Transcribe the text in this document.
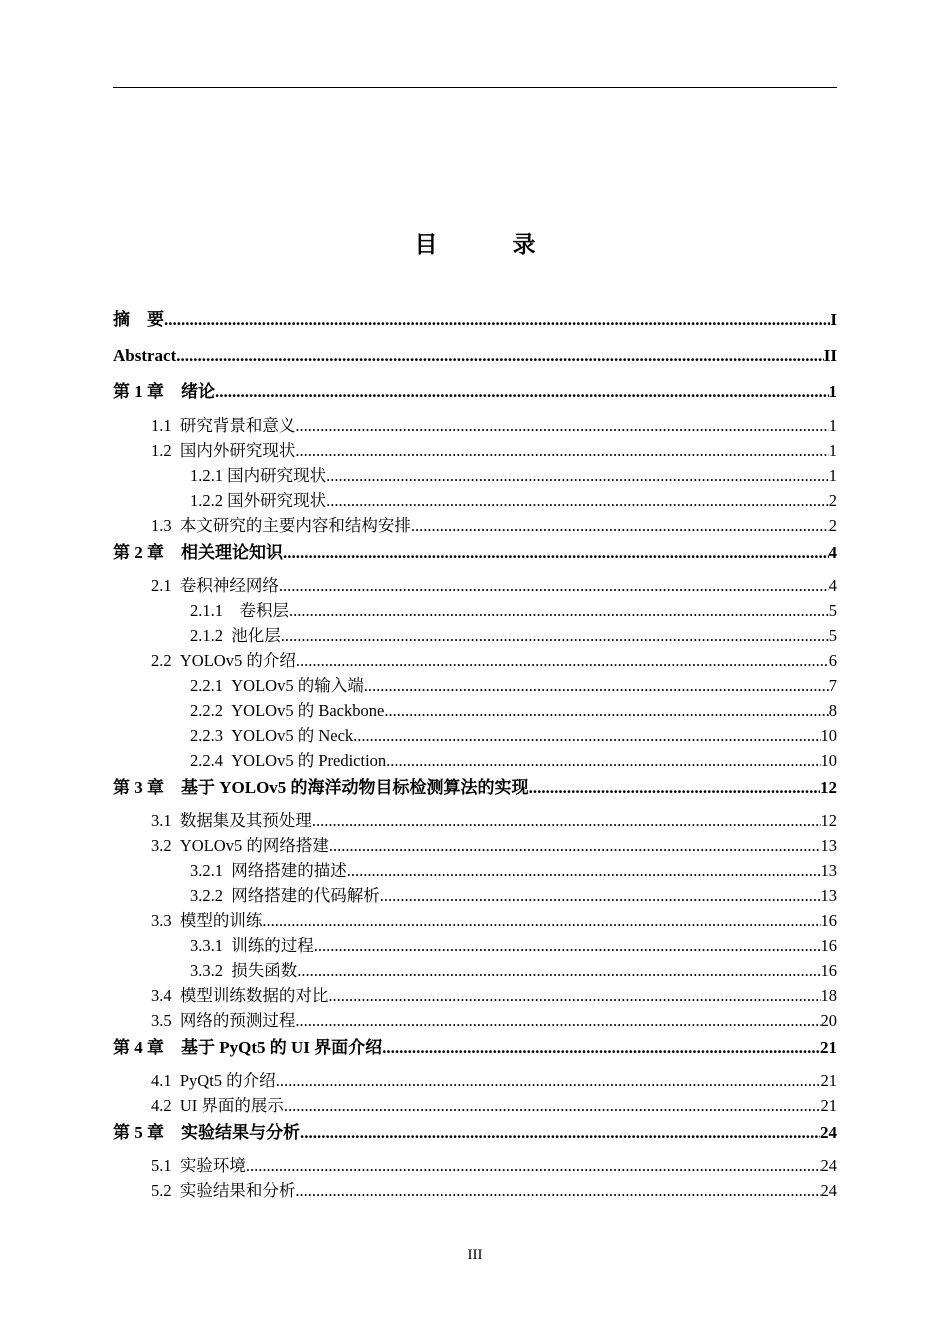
目　录
摘　要 .....	I
Abstract .....	II
第 1 章　 绪论 .....	1
1.1 研究背景和意义 .....	1
1.2 国内外研究现状 .....	1
1.2.1 国内研究现状 .....	1
1.2.2 国外研究现状 .....	2
1.3 本文研究的主要内容和结构安排 .....	2
第 2 章　 相关理论知识 .....	4
2.1 卷积神经网络 .....	4
2.1.1　 卷积层 .....	5
2.1.2 池化层 .....	5
2.2 YOLOv5 的介绍 .....	6
2.2.1 YOLOv5 的输入端 .....	7
2.2.2 YOLOv5 的 Backbone .....	8
2.2.3 YOLOv5 的 Neck .....	10
2.2.4 YOLOv5 的 Prediction .....	10
第 3 章　 基于 YOLOv5 的海洋动物目标检测算法的实现 .....	12
3.1 数据集及其预处理 .....	12
3.2 YOLOv5 的网络搭建 .....	13
3.2.1 网络搭建的描述 .....	13
3.2.2 网络搭建的代码解析 .....	13
3.3 模型的训练 .....	16
3.3.1 训练的过程 .....	16
3.3.2 损失函数 .....	16
3.4 模型训练数据的对比 .....	18
3.5 网络的预测过程 .....	20
第 4 章　 基于 PyQt5 的 UI 界面介绍 .....	21
4.1 PyQt5 的介绍 .....	21
4.2 UI 界面的展示 .....	21
第 5 章　 实验结果与分析 .....	24
5.1 实验环境 .....	24
5.2 实验结果和分析 .....	24
III
